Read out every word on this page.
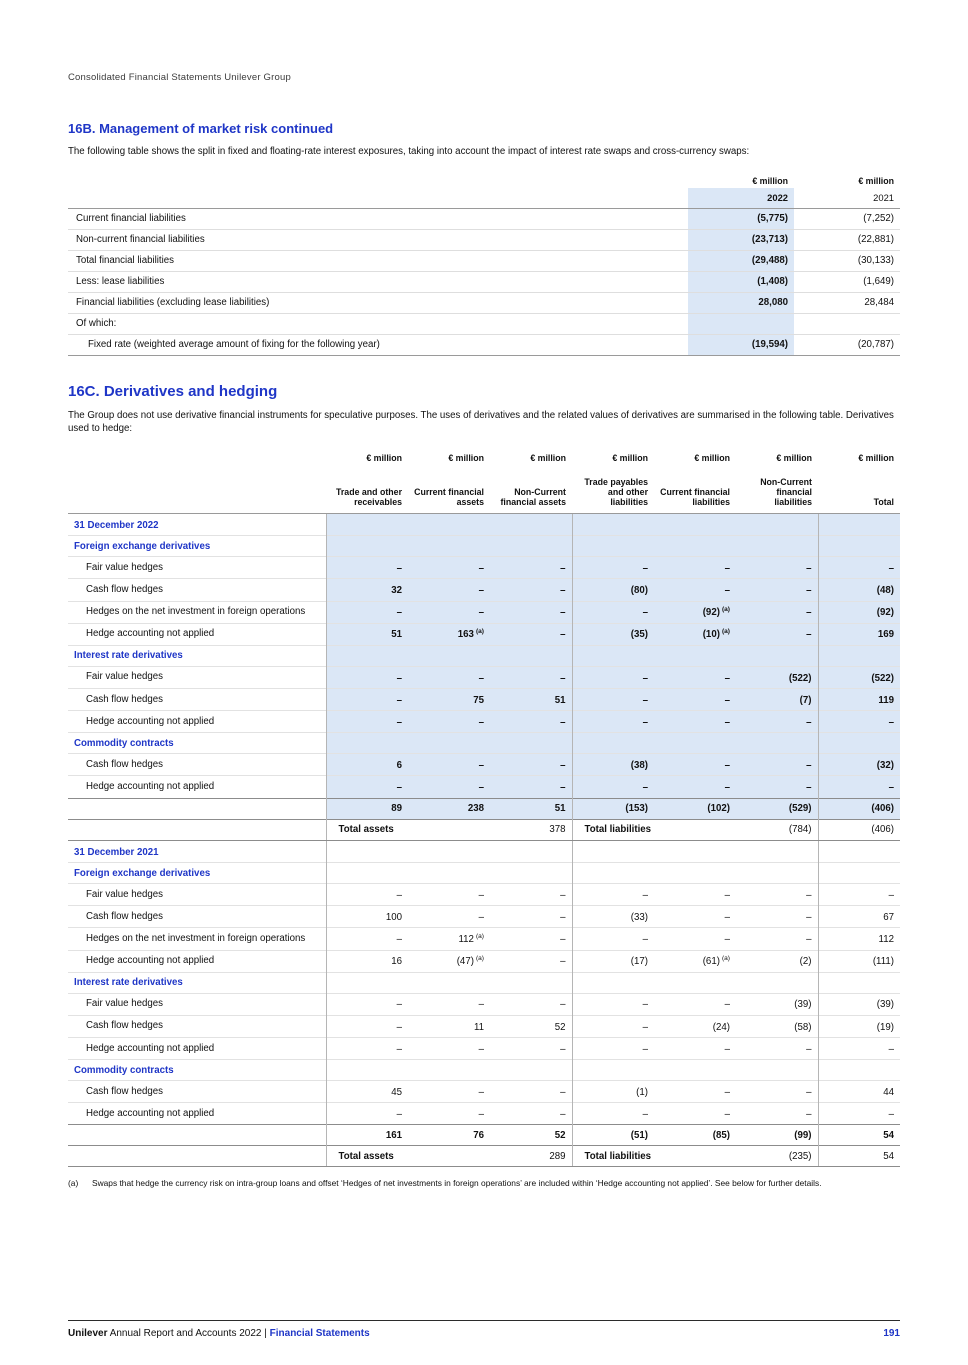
Consolidated Financial Statements Unilever Group
16B. Management of market risk continued

The following table shows the split in fixed and floating-rate interest exposures, taking into account the impact of interest rate swaps and cross-currency swaps:

	€ million	€ million
	2022	2021
Current financial liabilities	(5,775)	(7,252)
Non-current financial liabilities	(23,713)	(22,881)
Total financial liabilities	(29,488)	(30,133)
Less: lease liabilities	(1,408)	(1,649)
Financial liabilities (excluding lease liabilities)	28,080	28,484
Of which:		
Fixed rate (weighted average amount of fixing for the following year)	(19,594)	(20,787)
16C. Derivatives and hedging

The Group does not use derivative financial instruments for speculative purposes. The uses of derivatives and the related values of derivatives are summarised in the following table. Derivatives used to hedge:

	€ million	€ million	€ million	€ million	€ million	€ million	€ million
	Trade and other receivables	Current financial assets	Non-Current financial assets	Trade payables and other liabilities	Current financial liabilities	Non-Current financial liabilities	Total
31 December 2022							
Foreign exchange derivatives							
Fair value hedges	–	–	–	–	–	–	–
Cash flow hedges	32	–	–	(80)	–	–	(48)
Hedges on the net investment in foreign operations	–	–	–	–	(92) $^{(a)}$	–	(92)
Hedge accounting not applied	51	163 $^{(a)}$	–	(35)	(10) $^{(a)}$	–	169
Interest rate derivatives							
Fair value hedges	–	–	–	–	–	(522)	(522)
Cash flow hedges	–	75	51	–	–	(7)	119
Hedge accounting not applied	–	–	–	–	–	–	–
Commodity contracts							
Cash flow hedges	6	–	–	(38)	–	–	(32)
Hedge accounting not applied	–	–	–	–	–	–	–
	89	238	51	(153)	(102)	(529)	(406)
	Total assets		378	Total liabilities		(784)	(406)
31 December 2021							
Foreign exchange derivatives							
Fair value hedges	–	–	–	–	–	–	–
Cash flow hedges	100	–	–	(33)	–	–	67
Hedges on the net investment in foreign operations	–	112 $^{(a)}$	–	–	–	–	112
Hedge accounting not applied	16	(47) $^{(a)}$	–	(17)	(61) $^{(a)}$	(2)	(111)
Interest rate derivatives							
Fair value hedges	–	–	–	–	–	(39)	(39)
Cash flow hedges	–	11	52	–	(24)	(58)	(19)
Hedge accounting not applied	–	–	–	–	–	–	–
Commodity contracts							
Cash flow hedges	45	–	–	(1)	–	–	44
Hedge accounting not applied	–	–	–	–	–	–	–
	161	76	52	(51)	(85)	(99)	54
	Total assets		289	Total liabilities		(235)	54
(a)	Swaps that hedge the currency risk on intra-group loans and offset ‘Hedges of net investments in foreign operations’ are included within ‘Hedge accounting not applied’. See below for further details.
Unilever Annual Report and Accounts 2022 | Financial Statements	191
